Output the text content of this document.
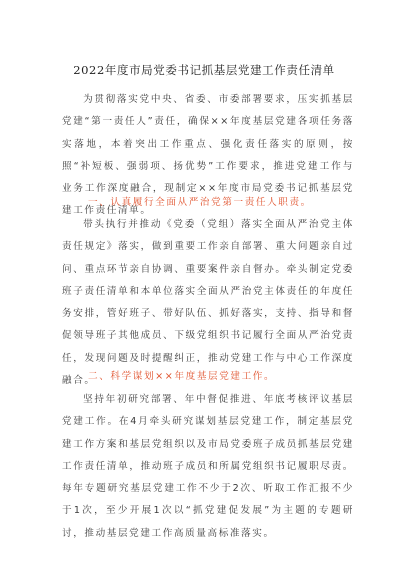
2022年度市局党委书记抓基层党建工作责任清单

为贯彻落实党中央、省委、市委部署要求，压实抓基层党建“第一责任人”责任，确保××年度基层党建各项任务落实落地，本着突出工作重点、强化责任落实的原则，按照“补短板、强弱项、扬优势”工作要求，推进党建工作与业务工作深度融合，现制定××年度市局党委书记抓基层党建工作责任清单。

一、认真履行全面从严治党第一责任人职责。

带头执行并推动《党委（党组）落实全面从严治党主体责任规定》落实，做到重要工作亲自部署、重大问题亲自过问、重点环节亲自协调、重要案件亲自督办。牵头制定党委班子责任清单和本单位落实全面从严治党主体责任的年度任务安排，管好班子、带好队伍、抓好落实，支持、指导和督促领导班子其他成员、下级党组织书记履行全面从严治党责任，发现问题及时提醒纠正，推动党建工作与中心工作深度融合。

二、科学谋划××年度基层党建工作。

坚持年初研究部署、年中督促推进、年底考核评议基层党建工作。在4月牵头研究谋划基层党建工作，制定基层党建工作方案和基层党组织以及市局党委班子成员抓基层党建工作责任清单，推动班子成员和所属党组织书记履职尽责。每年专题研究基层党建工作不少于2次、听取工作汇报不少于1次，至少开展1次以“抓党建促发展”为主题的专题研讨，推动基层党建工作高质量高标准落实。
